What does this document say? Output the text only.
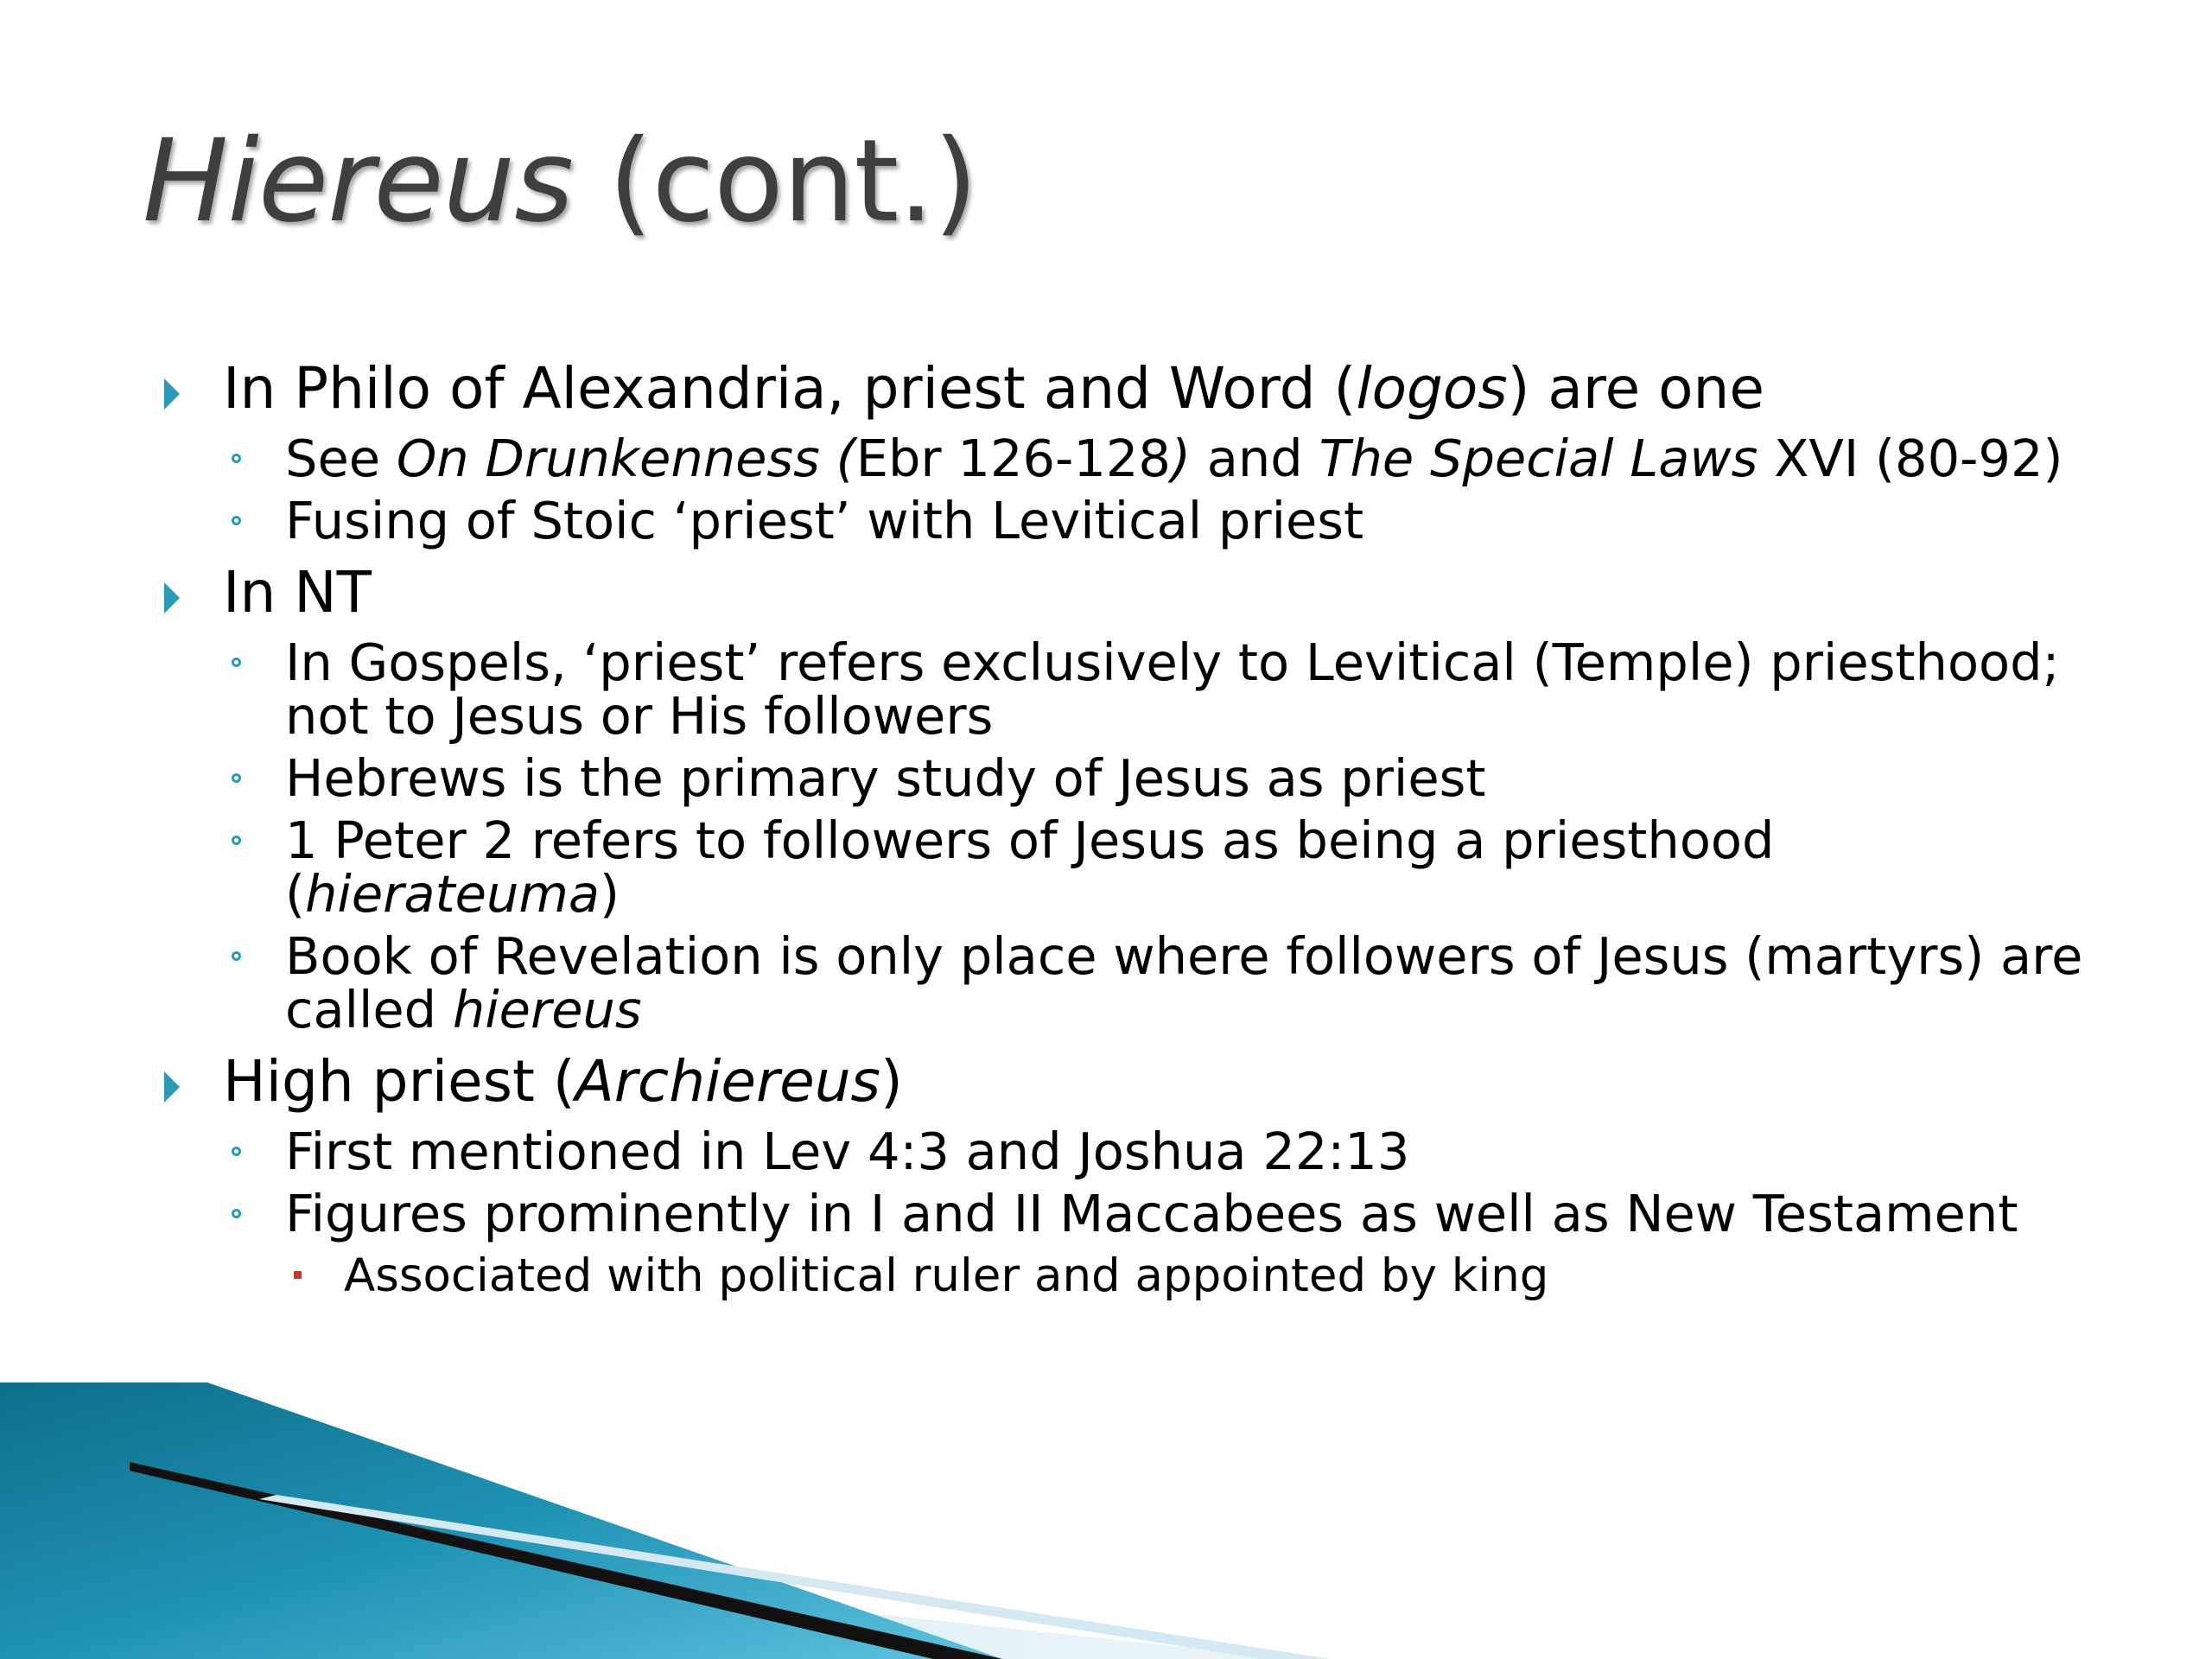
Hiereus (cont.)

In Philo of Alexandria, priest and Word (logos) are one

See On Drunkenness (Ebr 126-128) and The Special Laws XVI (80-92)

Fusing of Stoic ‘priest’ with Levitical priest

In NT

In Gospels, ‘priest’ refers exclusively to Levitical (Temple) priesthood; not to Jesus or His followers

Hebrews is the primary study of Jesus as priest

1 Peter 2 refers to followers of Jesus as being a priesthood (hierateuma)

Book of Revelation is only place where followers of Jesus (martyrs) are called hiereus

High priest (Archiereus)

First mentioned in Lev 4:3 and Joshua 22:13

Figures prominently in I and II Maccabees as well as New Testament

Associated with political ruler and appointed by king
